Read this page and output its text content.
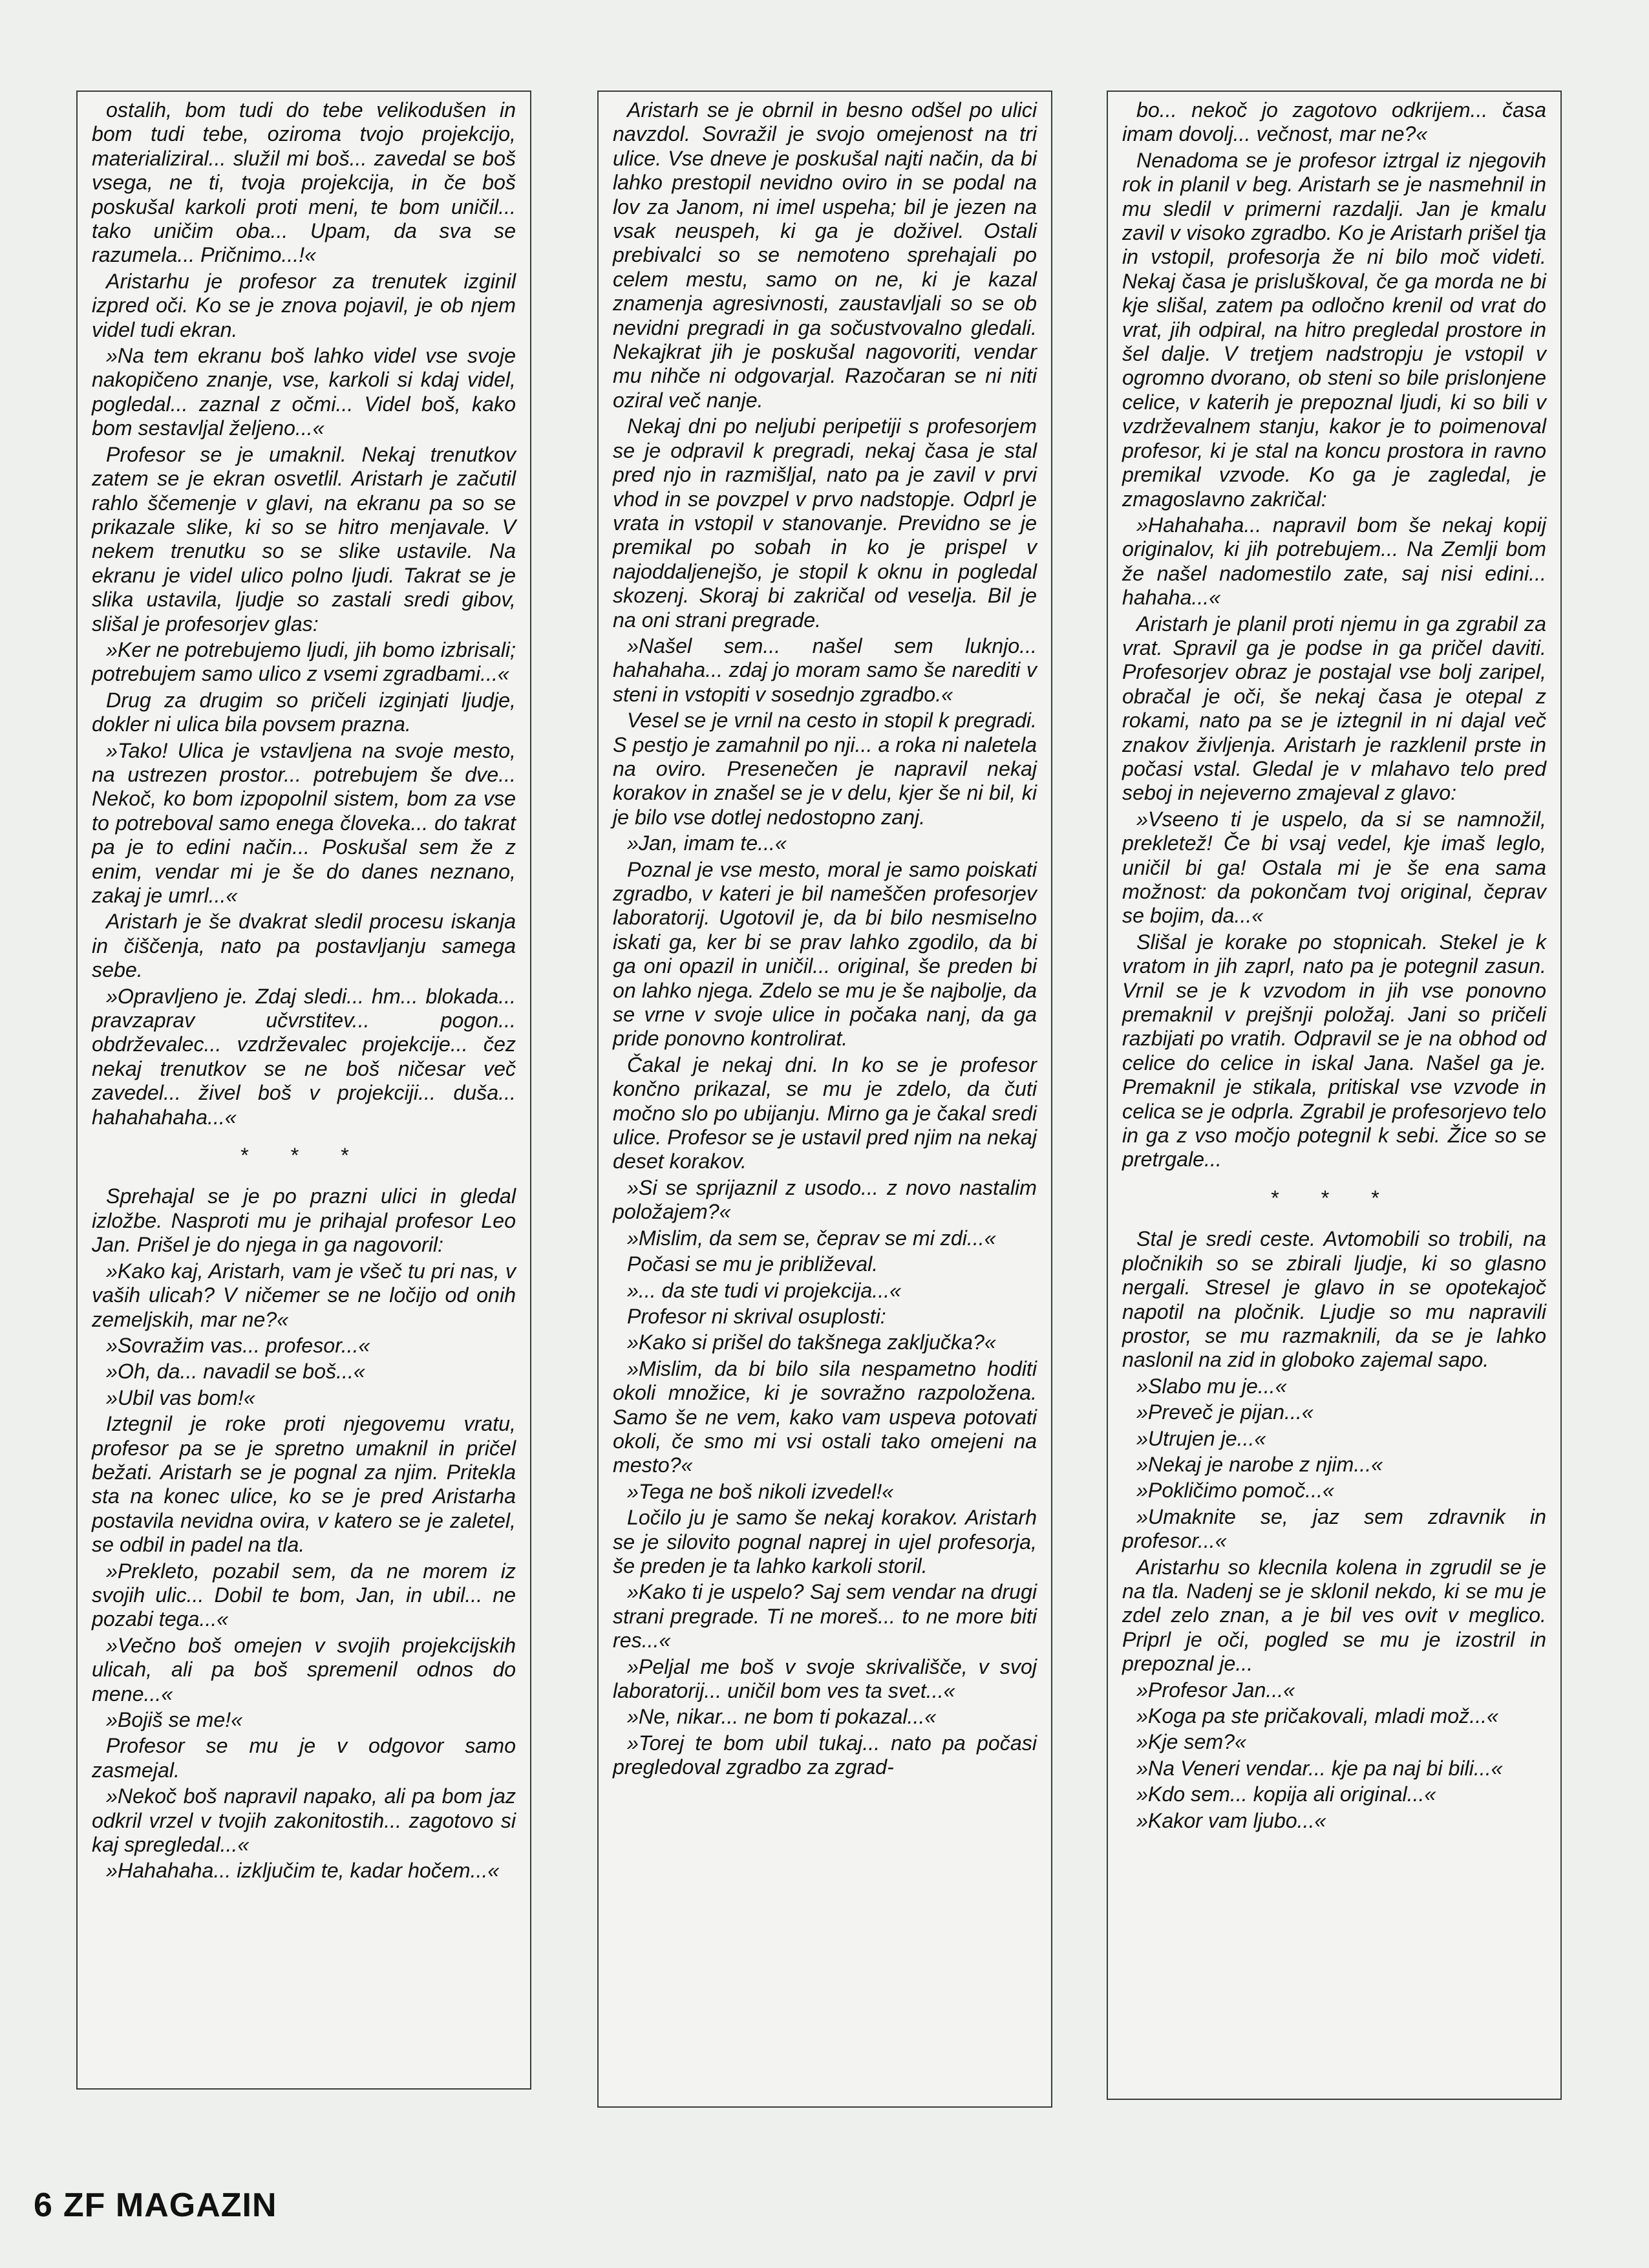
ostalih, bom tudi do tebe velikodušen in bom tudi tebe, oziroma tvojo projekcijo, materializiral... služil mi boš... zavedal se boš vsega, ne ti, tvoja projekcija, in če boš poskušal karkoli proti meni, te bom uničil... tako uničim oba... Upam, da sva se razumela... Pričnimo...!«

Aristarhu je profesor za trenutek izginil izpred oči. Ko se je znova pojavil, je ob njem videl tudi ekran.

»Na tem ekranu boš lahko videl vse svoje nakopičeno znanje, vse, karkoli si kdaj videl, pogledal... zaznal z očmi... Videl boš, kako bom sestavljal željeno...«

Profesor se je umaknil. Nekaj trenutkov zatem se je ekran osvetlil. Aristarh je začutil rahlo ščemenje v glavi, na ekranu pa so se prikazale slike, ki so se hitro menjavale. V nekem trenutku so se slike ustavile. Na ekranu je videl ulico polno ljudi. Takrat se je slika ustavila, ljudje so zastali sredi gibov, slišal je profesorjev glas:

»Ker ne potrebujemo ljudi, jih bomo izbrisali; potrebujem samo ulico z vsemi zgradbami...«

Drug za drugim so pričeli izginjati ljudje, dokler ni ulica bila povsem prazna.

»Tako! Ulica je vstavljena na svoje mesto, na ustrezen prostor... potrebujem še dve... Nekoč, ko bom izpopolnil sistem, bom za vse to potreboval samo enega človeka... do takrat pa je to edini način... Poskušal sem že z enim, vendar mi je še do danes neznano, zakaj je umrl...«

Aristarh je še dvakrat sledil procesu iskanja in čiščenja, nato pa postavljanju samega sebe.

»Opravljeno je. Zdaj sledi... hm... blokada... pravzaprav učvrstitev... pogon... obdrževalec... vzdrževalec projekcije... čez nekaj trenutkov se ne boš ničesar več zavedel... živel boš v projekciji... duša... hahahahaha...«

* * *

Sprehajal se je po prazni ulici in gledal izložbe. Nasproti mu je prihajal profesor Leo Jan. Prišel je do njega in ga nagovoril:

»Kako kaj, Aristarh, vam je všeč tu pri nas, v vaših ulicah? V ničemer se ne ločijo od onih zemeljskih, mar ne?«

»Sovražim vas... profesor...«

»Oh, da... navadil se boš...«

»Ubil vas bom!«

Iztegnil je roke proti njegovemu vratu, profesor pa se je spretno umaknil in pričel bežati. Aristarh se je pognal za njim. Pritekla sta na konec ulice, ko se je pred Aristarha postavila nevidna ovira, v katero se je zaletel, se odbil in padel na tla.

»Prekleto, pozabil sem, da ne morem iz svojih ulic... Dobil te bom, Jan, in ubil... ne pozabi tega...«

»Večno boš omejen v svojih projekcijskih ulicah, ali pa boš spremenil odnos do mene...«

»Bojiš se me!«

Profesor se mu je v odgovor samo zasmejal.

»Nekoč boš napravil napako, ali pa bom jaz odkril vrzel v tvojih zakonitostih... zagotovo si kaj spregledal...«

»Hahahaha... izključim te, kadar hočem...«

Aristarh se je obrnil in besno odšel po ulici navzdol. Sovražil je svojo omejenost na tri ulice. Vse dneve je poskušal najti način, da bi lahko prestopil nevidno oviro in se podal na lov za Janom, ni imel uspeha; bil je jezen na vsak neuspeh, ki ga je doživel. Ostali prebivalci so se nemoteno sprehajali po celem mestu, samo on ne, ki je kazal znamenja agresivnosti, zaustavljali so se ob nevidni pregradi in ga sočustvovalno gledali. Nekajkrat jih je poskušal nagovoriti, vendar mu nihče ni odgovarjal. Razočaran se ni niti oziral več nanje.

Nekaj dni po neljubi peripetiji s profesorjem se je odpravil k pregradi, nekaj časa je stal pred njo in razmišljal, nato pa je zavil v prvi vhod in se povzpel v prvo nadstopje. Odprl je vrata in vstopil v stanovanje. Previdno se je premikal po sobah in ko je prispel v najoddaljenejšo, je stopil k oknu in pogledal skozenj. Skoraj bi zakričal od veselja. Bil je na oni strani pregrade.

»Našel sem... našel sem luknjo... hahahaha... zdaj jo moram samo še narediti v steni in vstopiti v sosednjo zgradbo.«

Vesel se je vrnil na cesto in stopil k pregradi. S pestjo je zamahnil po nji... a roka ni naletela na oviro. Presenečen je napravil nekaj korakov in znašel se je v delu, kjer še ni bil, ki je bilo vse dotlej nedostopno zanj.

»Jan, imam te...«

Poznal je vse mesto, moral je samo poiskati zgradbo, v kateri je bil nameščen profesorjev laboratorij. Ugotovil je, da bi bilo nesmiselno iskati ga, ker bi se prav lahko zgodilo, da bi ga oni opazil in uničil... original, še preden bi on lahko njega. Zdelo se mu je še najbolje, da se vrne v svoje ulice in počaka nanj, da ga pride ponovno kontrolirat.

Čakal je nekaj dni. In ko se je profesor končno prikazal, se mu je zdelo, da čuti močno slo po ubijanju. Mirno ga je čakal sredi ulice. Profesor se je ustavil pred njim na nekaj deset korakov.

»Si se sprijaznil z usodo... z novo nastalim položajem?«

»Mislim, da sem se, čeprav se mi zdi...«

Počasi se mu je približeval.

»... da ste tudi vi projekcija...«

Profesor ni skrival osuplosti:

»Kako si prišel do takšnega zaključka?«

»Mislim, da bi bilo sila nespametno hoditi okoli množice, ki je sovražno razpoložena. Samo še ne vem, kako vam uspeva potovati okoli, če smo mi vsi ostali tako omejeni na mesto?«

»Tega ne boš nikoli izvedel!«

Ločilo ju je samo še nekaj korakov. Aristarh se je silovito pognal naprej in ujel profesorja, še preden je ta lahko karkoli storil.

»Kako ti je uspelo? Saj sem vendar na drugi strani pregrade. Ti ne moreš... to ne more biti res...«

»Peljal me boš v svoje skrivališče, v svoj laboratorij... uničil bom ves ta svet...«

»Ne, nikar... ne bom ti pokazal...«

»Torej te bom ubil tukaj... nato pa počasi pregledoval zgradbo za zgrad-

bo... nekoč jo zagotovo odkrijem... časa imam dovolj... večnost, mar ne?«

Nenadoma se je profesor iztrgal iz njegovih rok in planil v beg. Aristarh se je nasmehnil in mu sledil v primerni razdalji. Jan je kmalu zavil v visoko zgradbo. Ko je Aristarh prišel tja in vstopil, profesorja že ni bilo moč videti. Nekaj časa je prisluškoval, če ga morda ne bi kje slišal, zatem pa odločno krenil od vrat do vrat, jih odpiral, na hitro pregledal prostore in šel dalje. V tretjem nadstropju je vstopil v ogromno dvorano, ob steni so bile prislonjene celice, v katerih je prepoznal ljudi, ki so bili v vzdrževalnem stanju, kakor je to poimenoval profesor, ki je stal na koncu prostora in ravno premikal vzvode. Ko ga je zagledal, je zmagoslavno zakričal:

»Hahahaha... napravil bom še nekaj kopij originalov, ki jih potrebujem... Na Zemlji bom že našel nadomestilo zate, saj nisi edini... hahaha...«

Aristarh je planil proti njemu in ga zgrabil za vrat. Spravil ga je podse in ga pričel daviti. Profesorjev obraz je postajal vse bolj zaripel, obračal je oči, še nekaj časa je otepal z rokami, nato pa se je iztegnil in ni dajal več znakov življenja. Aristarh je razklenil prste in počasi vstal. Gledal je v mlahavo telo pred seboj in nejeverno zmajeval z glavo:

»Vseeno ti je uspelo, da si se namnožil, prekletež! Če bi vsaj vedel, kje imaš leglo, uničil bi ga! Ostala mi je še ena sama možnost: da pokončam tvoj original, čeprav se bojim, da...«

Slišal je korake po stopnicah. Stekel je k vratom in jih zaprl, nato pa je potegnil zasun. Vrnil se je k vzvodom in jih vse ponovno premaknil v prejšnji položaj. Jani so pričeli razbijati po vratih. Odpravil se je na obhod od celice do celice in iskal Jana. Našel ga je. Premaknil je stikala, pritiskal vse vzvode in celica se je odprla. Zgrabil je profesorjevo telo in ga z vso močjo potegnil k sebi. Žice so se pretrgale...

* * *

Stal je sredi ceste. Avtomobili so trobili, na pločnikih so se zbirali ljudje, ki so glasno nergali. Stresel je glavo in se opotekajoč napotil na pločnik. Ljudje so mu napravili prostor, se mu razmaknili, da se je lahko naslonil na zid in globoko zajemal sapo.

»Slabo mu je...«

»Preveč je pijan...«

»Utrujen je...«

»Nekaj je narobe z njim...«

»Pokličimo pomoč...«

»Umaknite se, jaz sem zdravnik in profesor...«

Aristarhu so klecnila kolena in zgrudil se je na tla. Nadenj se je sklonil nekdo, ki se mu je zdel zelo znan, a je bil ves ovit v meglico. Priprl je oči, pogled se mu je izostril in prepoznal je...

»Profesor Jan...«

»Koga pa ste pričakovali, mladi mož...«

»Kje sem?«

»Na Veneri vendar... kje pa naj bi bili...«

»Kdo sem... kopija ali original...«

»Kakor vam ljubo...«

6 ZF MAGAZIN
